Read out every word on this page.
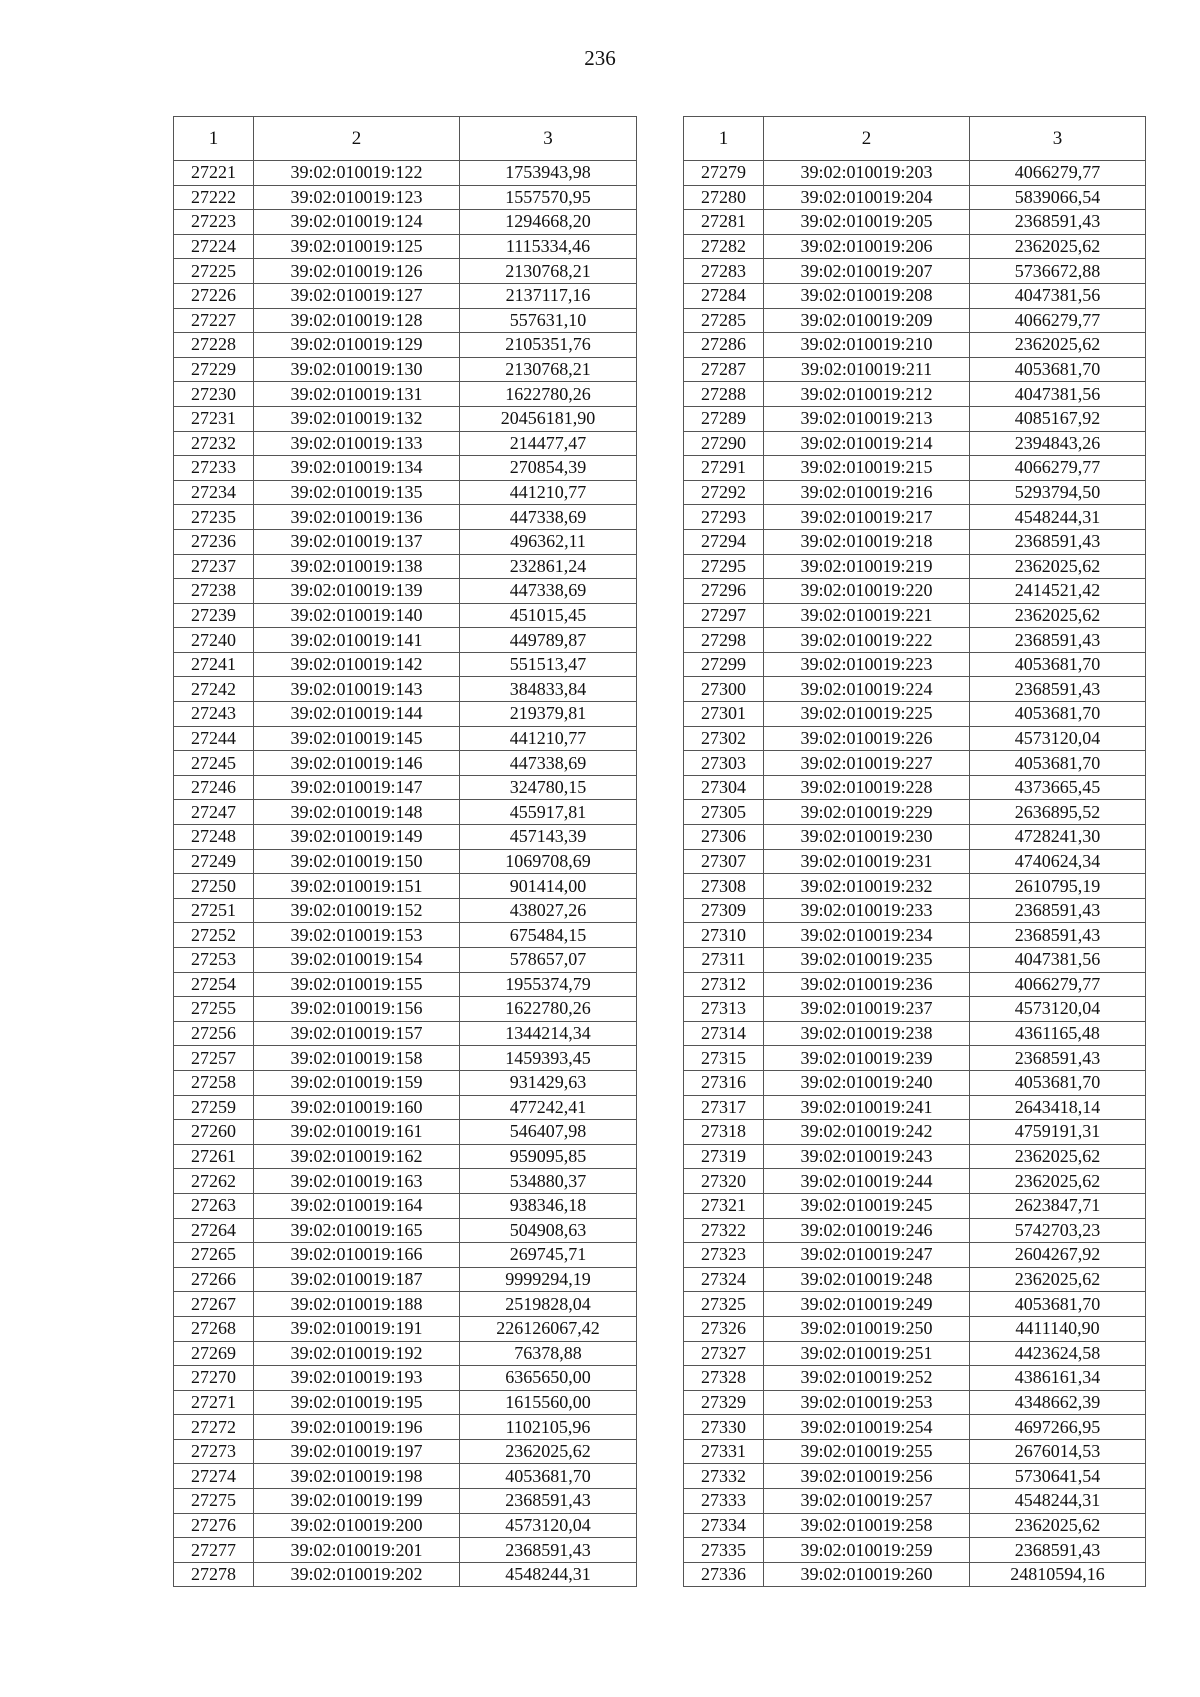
236
1	2	3
27221	39:02:010019:122	1753943,98
27222	39:02:010019:123	1557570,95
27223	39:02:010019:124	1294668,20
27224	39:02:010019:125	1115334,46
27225	39:02:010019:126	2130768,21
27226	39:02:010019:127	2137117,16
27227	39:02:010019:128	557631,10
27228	39:02:010019:129	2105351,76
27229	39:02:010019:130	2130768,21
27230	39:02:010019:131	1622780,26
27231	39:02:010019:132	20456181,90
27232	39:02:010019:133	214477,47
27233	39:02:010019:134	270854,39
27234	39:02:010019:135	441210,77
27235	39:02:010019:136	447338,69
27236	39:02:010019:137	496362,11
27237	39:02:010019:138	232861,24
27238	39:02:010019:139	447338,69
27239	39:02:010019:140	451015,45
27240	39:02:010019:141	449789,87
27241	39:02:010019:142	551513,47
27242	39:02:010019:143	384833,84
27243	39:02:010019:144	219379,81
27244	39:02:010019:145	441210,77
27245	39:02:010019:146	447338,69
27246	39:02:010019:147	324780,15
27247	39:02:010019:148	455917,81
27248	39:02:010019:149	457143,39
27249	39:02:010019:150	1069708,69
27250	39:02:010019:151	901414,00
27251	39:02:010019:152	438027,26
27252	39:02:010019:153	675484,15
27253	39:02:010019:154	578657,07
27254	39:02:010019:155	1955374,79
27255	39:02:010019:156	1622780,26
27256	39:02:010019:157	1344214,34
27257	39:02:010019:158	1459393,45
27258	39:02:010019:159	931429,63
27259	39:02:010019:160	477242,41
27260	39:02:010019:161	546407,98
27261	39:02:010019:162	959095,85
27262	39:02:010019:163	534880,37
27263	39:02:010019:164	938346,18
27264	39:02:010019:165	504908,63
27265	39:02:010019:166	269745,71
27266	39:02:010019:187	9999294,19
27267	39:02:010019:188	2519828,04
27268	39:02:010019:191	226126067,42
27269	39:02:010019:192	76378,88
27270	39:02:010019:193	6365650,00
27271	39:02:010019:195	1615560,00
27272	39:02:010019:196	1102105,96
27273	39:02:010019:197	2362025,62
27274	39:02:010019:198	4053681,70
27275	39:02:010019:199	2368591,43
27276	39:02:010019:200	4573120,04
27277	39:02:010019:201	2368591,43
27278	39:02:010019:202	4548244,31
1	2	3
27279	39:02:010019:203	4066279,77
27280	39:02:010019:204	5839066,54
27281	39:02:010019:205	2368591,43
27282	39:02:010019:206	2362025,62
27283	39:02:010019:207	5736672,88
27284	39:02:010019:208	4047381,56
27285	39:02:010019:209	4066279,77
27286	39:02:010019:210	2362025,62
27287	39:02:010019:211	4053681,70
27288	39:02:010019:212	4047381,56
27289	39:02:010019:213	4085167,92
27290	39:02:010019:214	2394843,26
27291	39:02:010019:215	4066279,77
27292	39:02:010019:216	5293794,50
27293	39:02:010019:217	4548244,31
27294	39:02:010019:218	2368591,43
27295	39:02:010019:219	2362025,62
27296	39:02:010019:220	2414521,42
27297	39:02:010019:221	2362025,62
27298	39:02:010019:222	2368591,43
27299	39:02:010019:223	4053681,70
27300	39:02:010019:224	2368591,43
27301	39:02:010019:225	4053681,70
27302	39:02:010019:226	4573120,04
27303	39:02:010019:227	4053681,70
27304	39:02:010019:228	4373665,45
27305	39:02:010019:229	2636895,52
27306	39:02:010019:230	4728241,30
27307	39:02:010019:231	4740624,34
27308	39:02:010019:232	2610795,19
27309	39:02:010019:233	2368591,43
27310	39:02:010019:234	2368591,43
27311	39:02:010019:235	4047381,56
27312	39:02:010019:236	4066279,77
27313	39:02:010019:237	4573120,04
27314	39:02:010019:238	4361165,48
27315	39:02:010019:239	2368591,43
27316	39:02:010019:240	4053681,70
27317	39:02:010019:241	2643418,14
27318	39:02:010019:242	4759191,31
27319	39:02:010019:243	2362025,62
27320	39:02:010019:244	2362025,62
27321	39:02:010019:245	2623847,71
27322	39:02:010019:246	5742703,23
27323	39:02:010019:247	2604267,92
27324	39:02:010019:248	2362025,62
27325	39:02:010019:249	4053681,70
27326	39:02:010019:250	4411140,90
27327	39:02:010019:251	4423624,58
27328	39:02:010019:252	4386161,34
27329	39:02:010019:253	4348662,39
27330	39:02:010019:254	4697266,95
27331	39:02:010019:255	2676014,53
27332	39:02:010019:256	5730641,54
27333	39:02:010019:257	4548244,31
27334	39:02:010019:258	2362025,62
27335	39:02:010019:259	2368591,43
27336	39:02:010019:260	24810594,16
